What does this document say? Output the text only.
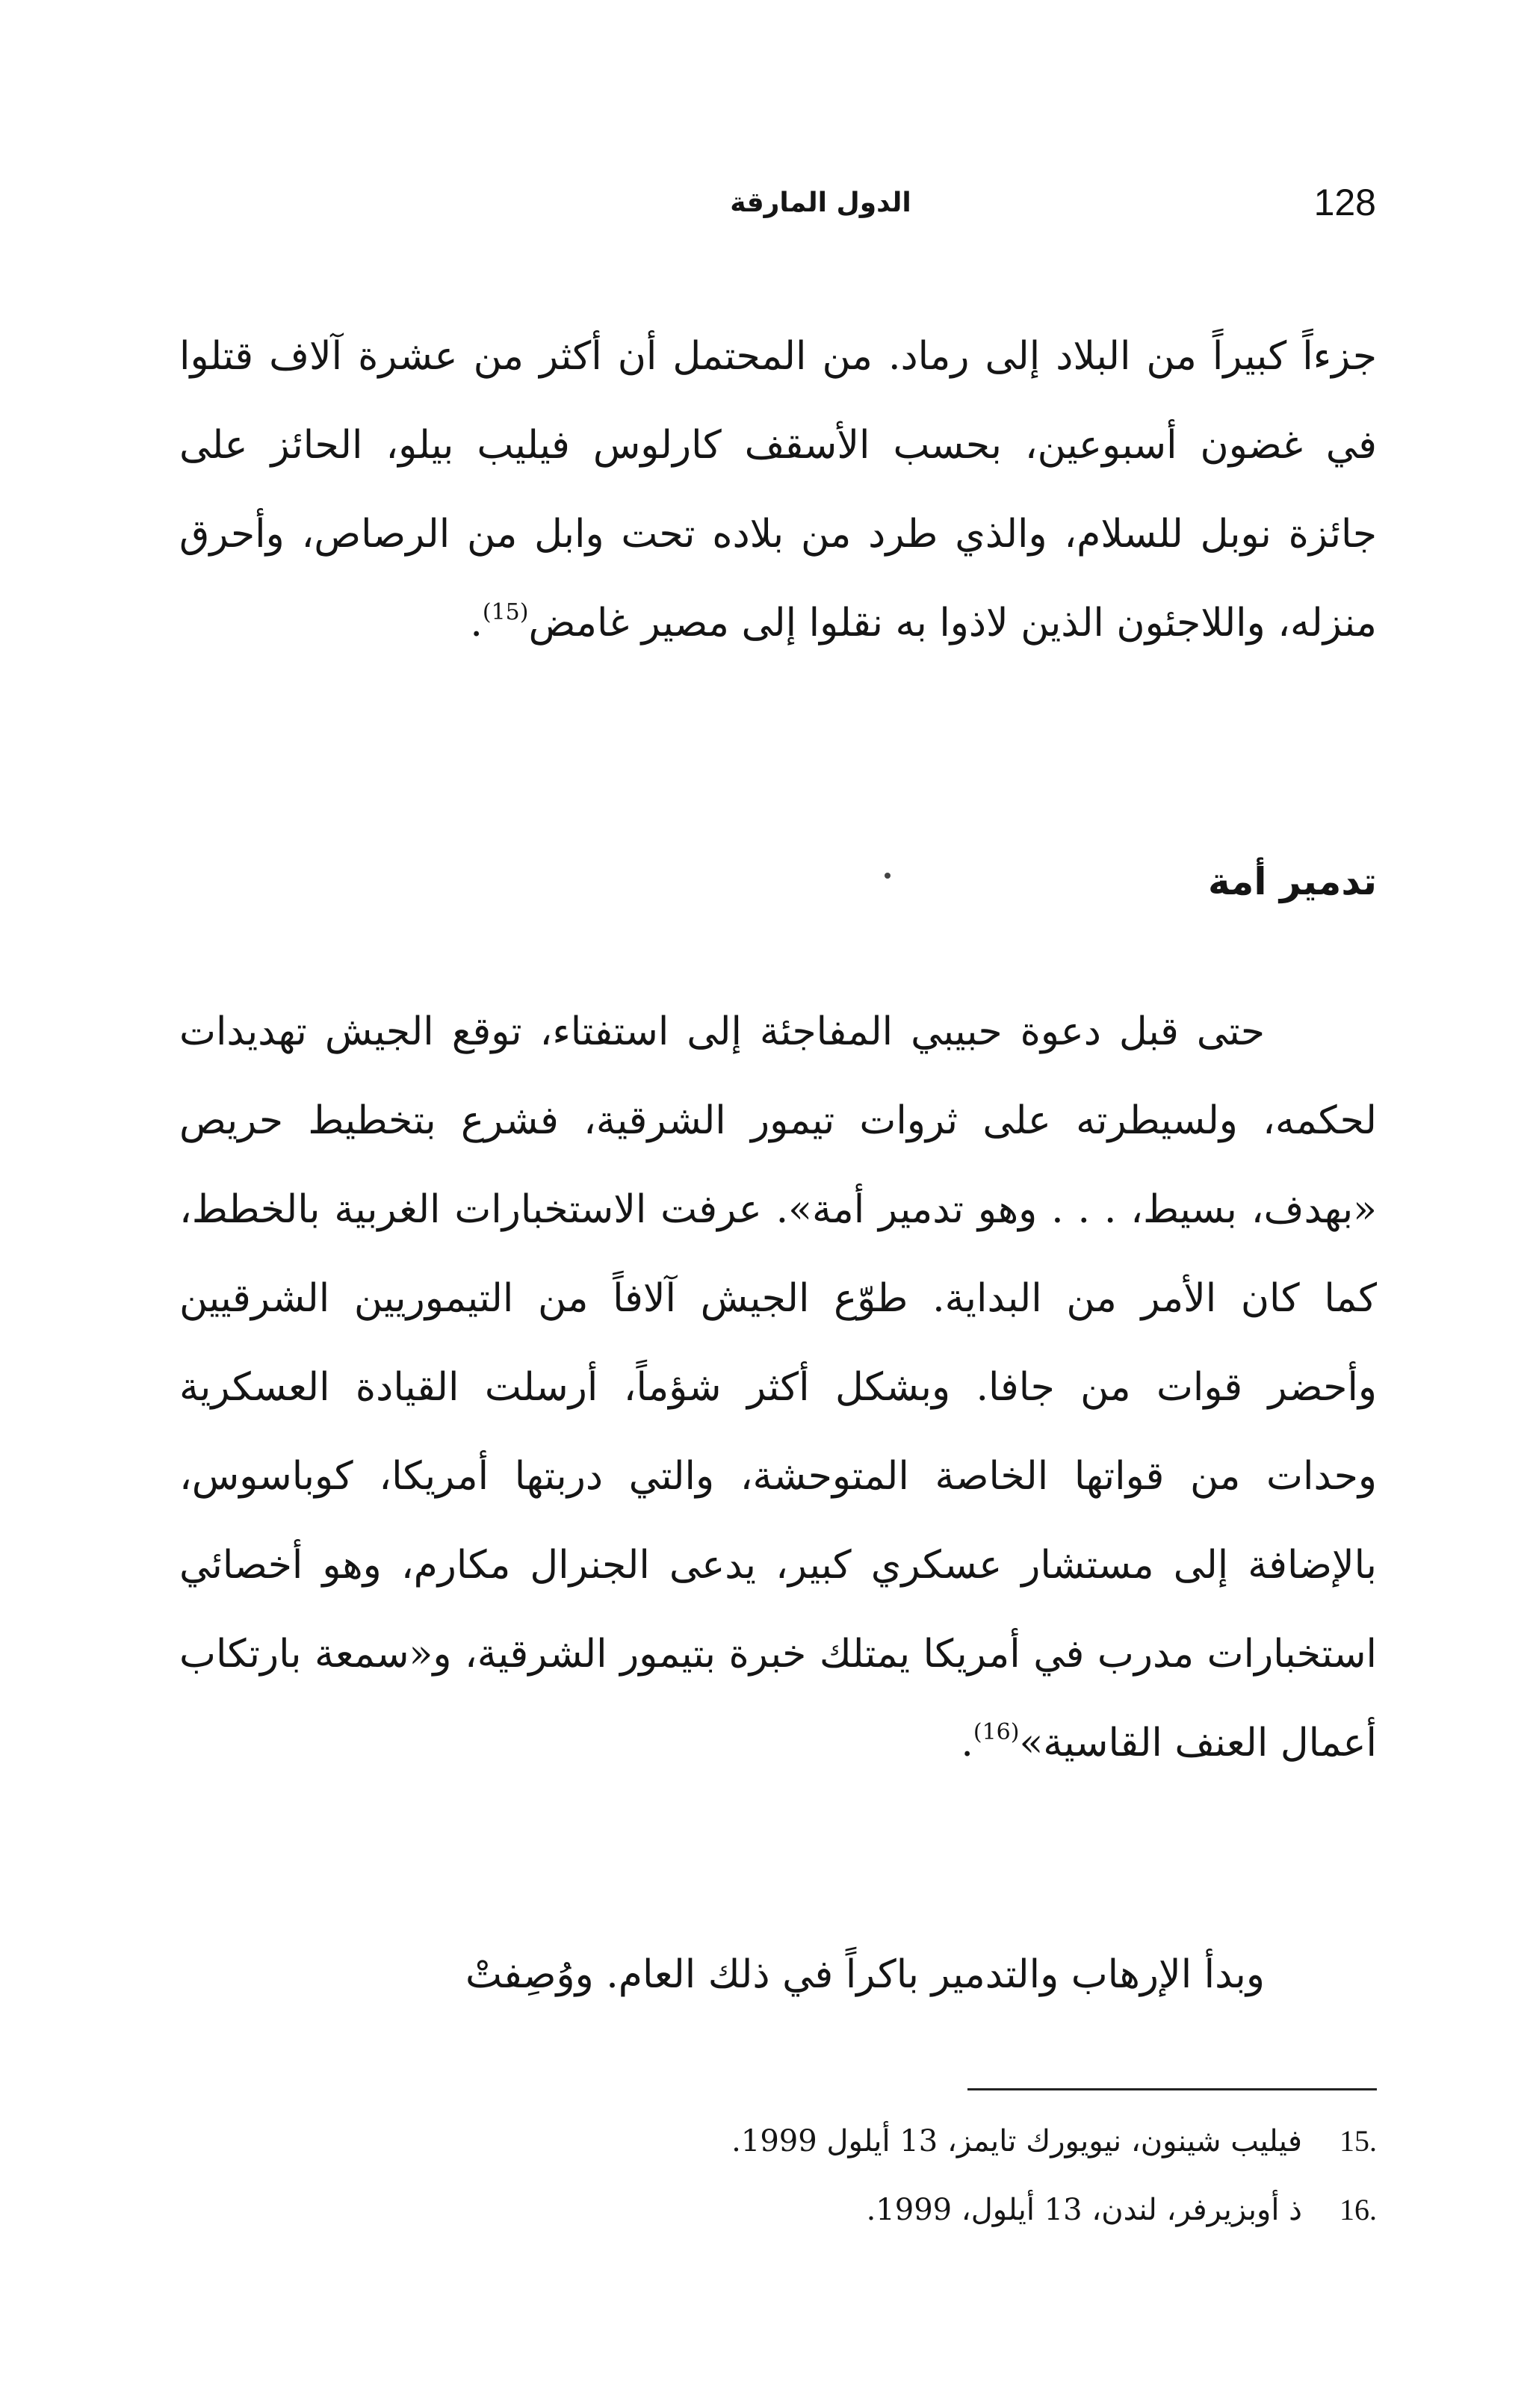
الدول المارقة	128

جزءاً كبيراً من البلاد إلى رماد. من المحتمل أن أكثر من عشرة آلاف قتلوا في غضون أسبوعين، بحسب الأسقف كارلوس فيليب بيلو، الحائز على جائزة نوبل للسلام، والذي طرد من بلاده تحت وابل من الرصاص، وأحرق منزله، واللاجئون الذين لاذوا به نقلوا إلى مصير غامض$^{(15)}$.

تدمير أمة

حتى قبل دعوة حبيبي المفاجئة إلى استفتاء، توقع الجيش تهديدات لحكمه، ولسيطرته على ثروات تيمور الشرقية، فشرع بتخطيط حريص «بهدف، بسيط، . . . وهو تدمير أمة». عرفت الاستخبارات الغربية بالخطط، كما كان الأمر من البداية. طوّع الجيش آلافاً من التيموريين الشرقيين وأحضر قوات من جافا. وبشكل أكثر شؤماً، أرسلت القيادة العسكرية وحدات من قواتها الخاصة المتوحشة، والتي دربتها أمريكا، كوباسوس، بالإضافة إلى مستشار عسكري كبير، يدعى الجنرال مكارم، وهو أخصائي استخبارات مدرب في أمريكا يمتلك خبرة بتيمور الشرقية، و«سمعة بارتكاب أعمال العنف القاسية»$^{(16)}$.

وبدأ الإرهاب والتدمير باكراً في ذلك العام. ووُصِفتْ

.15
فيليب شينون، نيويورك تايمز، 13 أيلول 1999.

.16
ذ أوبزيرفر، لندن، 13 أيلول، 1999.
